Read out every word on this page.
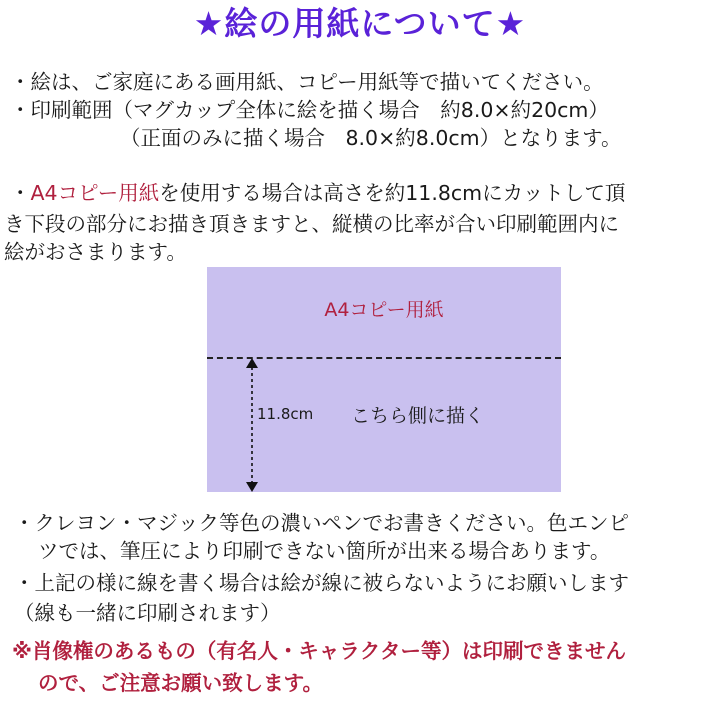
★絵の用紙について★
・絵は、ご家庭にある画用紙、コピー用紙等で描いてください。
・印刷範囲（マグカップ全体に絵を描く場合　約8.0×約20cm）
（正面のみに描く場合　8.0×約8.0cm）となります。
・A4コピー用紙を使用する場合は高さを約11.8cmにカットして頂
き下段の部分にお描き頂きますと、縦横の比率が合い印刷範囲内に
絵がおさまります。
A4コピー用紙
11.8cm こちら側に描く
・クレヨン・マジック等色の濃いペンでお書きください。色エンピ
ツでは、筆圧により印刷できない箇所が出来る場合あります。
・上記の様に線を書く場合は絵が線に被らないようにお願いします
（線も一緒に印刷されます）
※肖像権のあるもの（有名人・キャラクター等）は印刷できません
ので、ご注意お願い致します。
